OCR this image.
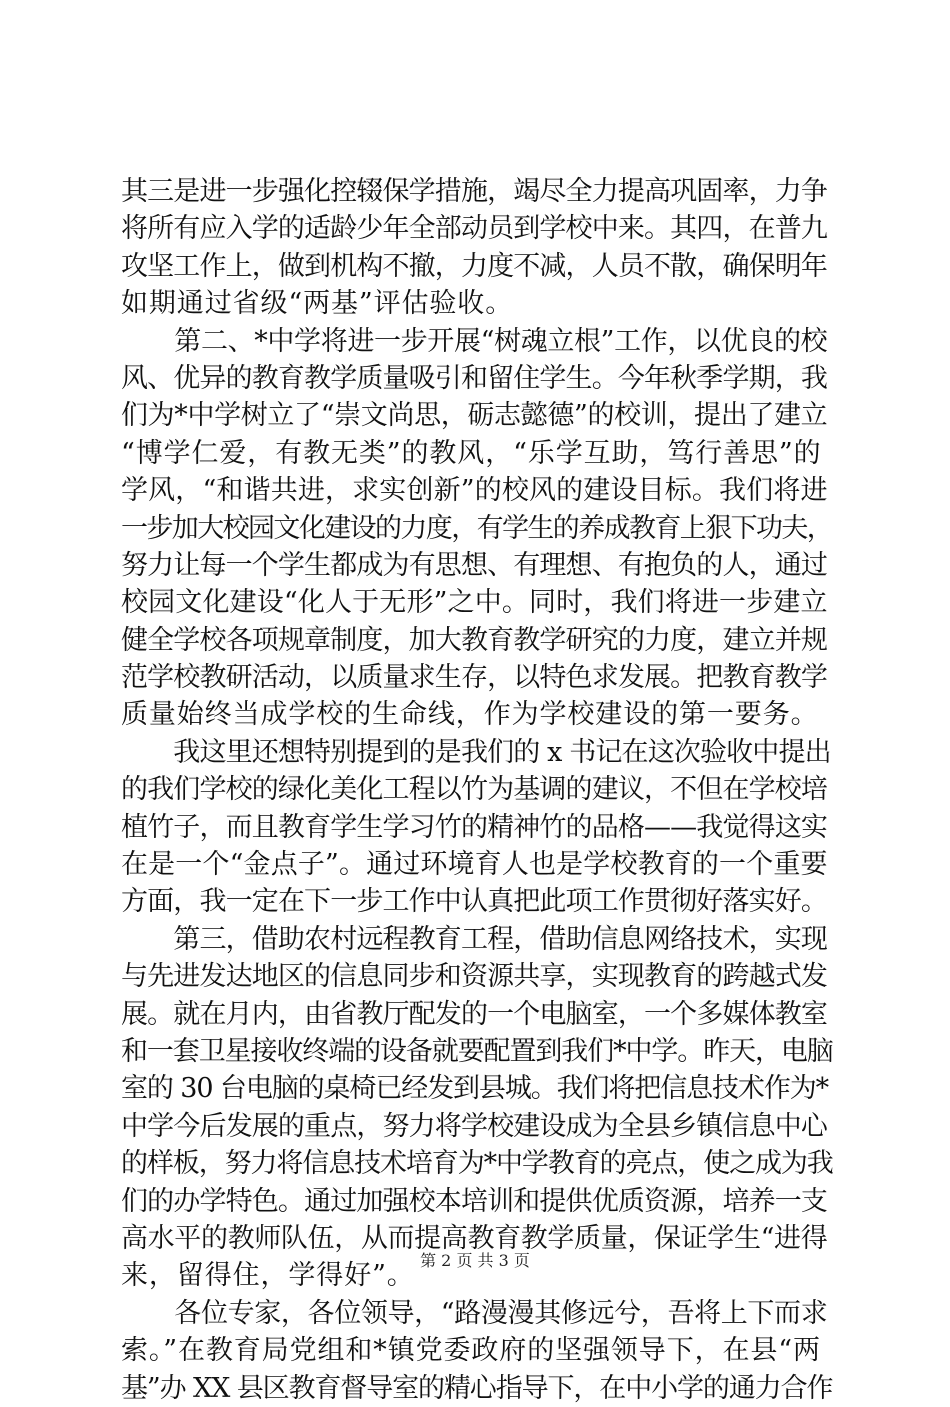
其三是进一步强化控辍保学措施，竭尽全力提高巩固率，力争
将所有应入学的适龄少年全部动员到学校中来。其四，在普九
攻坚工作上，做到机构不撤，力度不减，人员不散，确保明年
如期通过省级“两基”评估验收。
　　第二、*中学将进一步开展“树魂立根”工作，以优良的校
风、优异的教育教学质量吸引和留住学生。今年秋季学期，我
们为*中学树立了“崇文尚思，砺志懿德”的校训，提出了建立
“博学仁爱，有教无类”的教风，“乐学互助，笃行善思”的
学风，“和谐共进，求实创新”的校风的建设目标。我们将进
一步加大校园文化建设的力度，有学生的养成教育上狠下功夫，
努力让每一个学生都成为有思想、有理想、有抱负的人，通过
校园文化建设“化人于无形”之中。同时，我们将进一步建立
健全学校各项规章制度，加大教育教学研究的力度，建立并规
范学校教研活动，以质量求生存，以特色求发展。把教育教学
质量始终当成学校的生命线，作为学校建设的第一要务。
　　我这里还想特别提到的是我们的 x 书记在这次验收中提出
的我们学校的绿化美化工程以竹为基调的建议，不但在学校培
植竹子，而且教育学生学习竹的精神竹的品格——我觉得这实
在是一个“金点子”。通过环境育人也是学校教育的一个重要
方面，我一定在下一步工作中认真把此项工作贯彻好落实好。
　　第三，借助农村远程教育工程，借助信息网络技术，实现
与先进发达地区的信息同步和资源共享，实现教育的跨越式发
展。就在月内，由省教厅配发的一个电脑室，一个多媒体教室
和一套卫星接收终端的设备就要配置到我们*中学。昨天，电脑
室的 30 台电脑的桌椅已经发到县城。我们将把信息技术作为*
中学今后发展的重点，努力将学校建设成为全县乡镇信息中心
的样板，努力将信息技术培育为*中学教育的亮点，使之成为我
们的办学特色。通过加强校本培训和提供优质资源，培养一支
高水平的教师队伍，从而提高教育教学质量，保证学生“进得
来，留得住，学得好”。
　　各位专家，各位领导，“路漫漫其修远兮，吾将上下而求
索。”在教育局党组和*镇党委政府的坚强领导下，在县“两
基”办 XX 县区教育督导室的精心指导下，在中小学的通力合作
第 2 页 共 3 页
